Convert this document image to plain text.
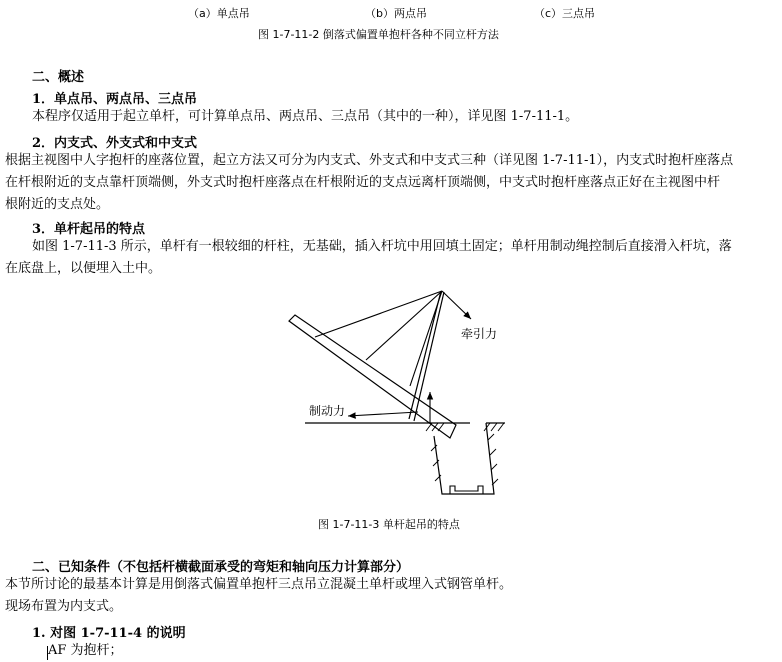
（a）单点吊	（b）两点吊	（c）三点吊
图 1-7-11-2 倒落式偏置单抱杆各种不同立杆方法
二、概述
1．单点吊、两点吊、三点吊
本程序仅适用于起立单杆，可计算单点吊、两点吊、三点吊（其中的一种），详见图 1-7-11-1。
2．内支式、外支式和中支式
根据主视图中人字抱杆的座落位置，起立方法又可分为内支式、外支式和中支式三种（详见图 1-7-11-1），内支式时抱杆座落点
在杆根附近的支点靠杆顶端侧，外支式时抱杆座落点在杆根附近的支点远离杆顶端侧，中支式时抱杆座落点正好在主视图中杆
根附近的支点处。
3．单杆起吊的特点
如图 1-7-11-3 所示，单杆有一根较细的杆柱，无基础，插入杆坑中用回填土固定；单杆用制动绳控制后直接滑入杆坑，落
在底盘上，以便埋入土中。
牵引力
制动力
图 1-7-11-3 单杆起吊的特点
二、已知条件（不包括杆横截面承受的弯矩和轴向压力计算部分）
本节所讨论的最基本计算是用倒落式偏置单抱杆三点吊立混凝土单杆或埋入式钢管单杆。
现场布置为内支式。
1. 对图 1-7-11-4 的说明
AF 为抱杆；
